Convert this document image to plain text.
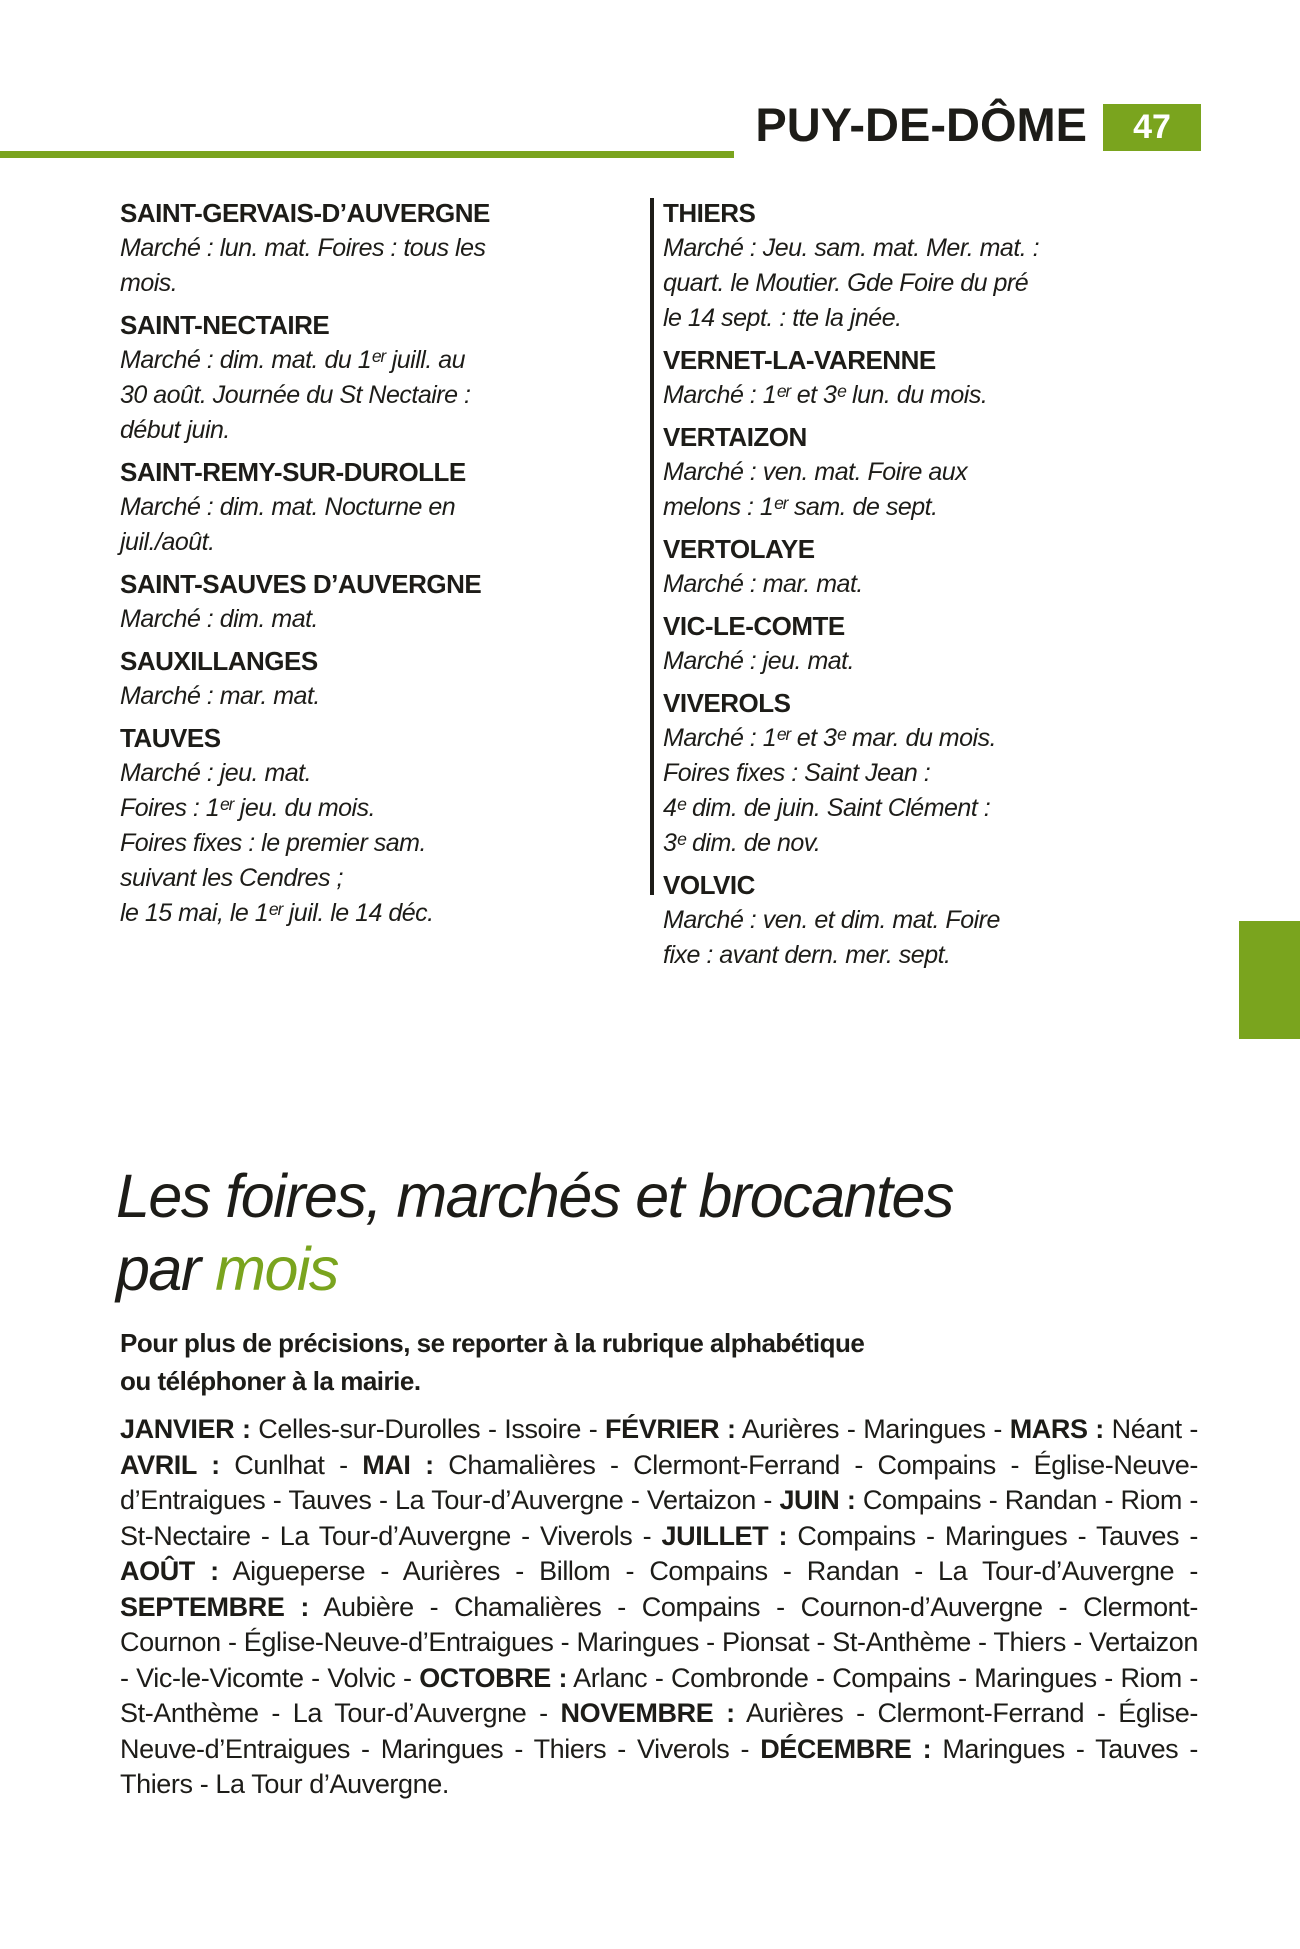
PUY-DE-DÔME 47
SAINT-GERVAIS-D’AUVERGNE
Marché : lun. mat. Foires : tous les
mois.
SAINT-NECTAIRE
Marché : dim. mat. du 1ᵉʳ juill. au
30 août. Journée du St Nectaire :
début juin.
SAINT-REMY-SUR-DUROLLE
Marché : dim. mat. Nocturne en
juil./août.
SAINT-SAUVES D’AUVERGNE
Marché : dim. mat.
SAUXILLANGES
Marché : mar. mat.
TAUVES
Marché : jeu. mat.
Foires : 1ᵉʳ jeu. du mois.
Foires fixes : le premier sam.
suivant les Cendres ;
le 15 mai, le 1ᵉʳ juil. le 14 déc.
THIERS
Marché : Jeu. sam. mat. Mer. mat. :
quart. le Moutier. Gde Foire du pré
le 14 sept. : tte la jnée.
VERNET-LA-VARENNE
Marché : 1ᵉʳ et 3ᵉ lun. du mois.
VERTAIZON
Marché : ven. mat. Foire aux
melons : 1ᵉʳ sam. de sept.
VERTOLAYE
Marché : mar. mat.
VIC-LE-COMTE
Marché : jeu. mat.
VIVEROLS
Marché : 1ᵉʳ et 3ᵉ mar. du mois.
Foires fixes : Saint Jean :
4ᵉ dim. de juin. Saint Clément :
3ᵉ dim. de nov.
VOLVIC
Marché : ven. et dim. mat. Foire
fixe : avant dern. mer. sept.
Les foires, marchés et brocantes
par mois
Pour plus de précisions, se reporter à la rubrique alphabétique
ou téléphoner à la mairie.
JANVIER : Celles-sur-Durolles - Issoire - FÉVRIER : Aurières - Maringues - MARS : Néant - AVRIL : Cunlhat - MAI : Chamalières - Clermont-Ferrand - Compains - Église-Neuve-d’Entraigues - Tauves - La Tour-d’Auvergne - Vertaizon - JUIN : Compains - Randan - Riom - St-Nectaire - La Tour-d’Auvergne - Viverols - JUILLET : Compains - Maringues - Tauves - AOÛT : Aigueperse - Aurières - Billom - Compains - Randan - La Tour-d’Auvergne - SEPTEMBRE : Aubière - Chamalières - Compains - Cournon-d’Auvergne - Clermont-Cournon - Église-Neuve-d’Entraigues - Maringues - Pionsat - St-Anthème - Thiers - Vertaizon - Vic-le-Vicomte - Volvic - OCTOBRE : Arlanc - Combronde - Compains - Maringues - Riom - St-Anthème - La Tour-d’Auvergne - NOVEMBRE : Aurières - Clermont-Ferrand - Église-Neuve-d’Entraigues - Maringues - Thiers - Viverols - DÉCEMBRE : Maringues - Tauves - Thiers - La Tour d’Auvergne.
